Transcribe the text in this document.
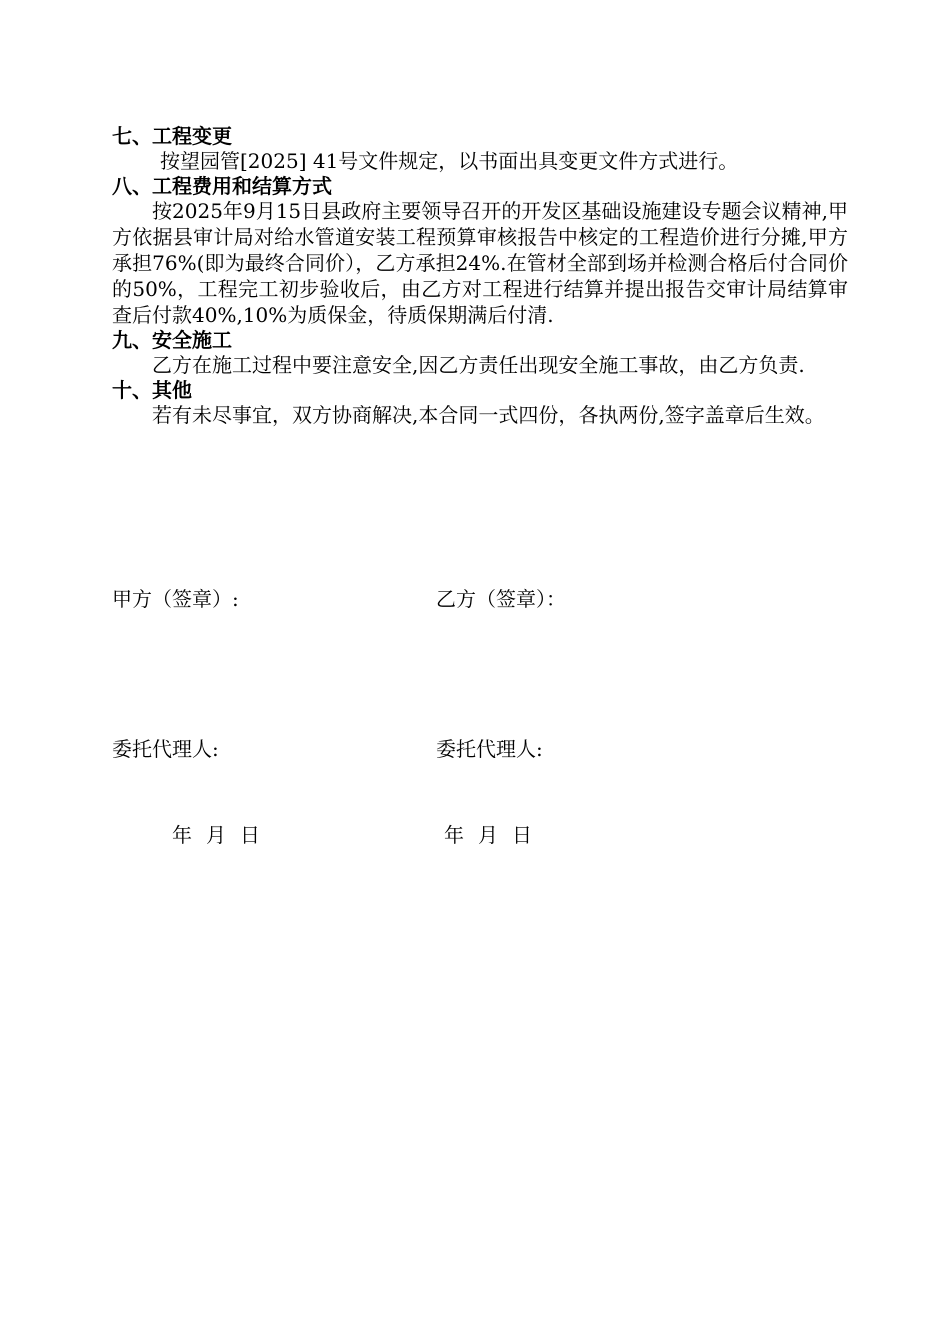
七、工程变更

按望园管[2025] 41号文件规定，以书面出具变更文件方式进行。

八、工程费用和结算方式

按2025年9月15日县政府主要领导召开的开发区基础设施建设专题会议精神,甲方依据县审计局对给水管道安装工程预算审核报告中核定的工程造价进行分摊,甲方承担76%(即为最终合同价），乙方承担24%.在管材全部到场并检测合格后付合同价的50%，工程完工初步验收后，由乙方对工程进行结算并提出报告交审计局结算审查后付款40%,10%为质保金，待质保期满后付清.

九、安全施工

乙方在施工过程中要注意安全,因乙方责任出现安全施工事故，由乙方负责.

十、其他

若有未尽事宜，双方协商解决,本合同一式四份，各执两份,签字盖章后生效。

甲方（签章）:	乙方（签章）：
委托代理人:	委托代理人:
年 月 日	年 月 日
